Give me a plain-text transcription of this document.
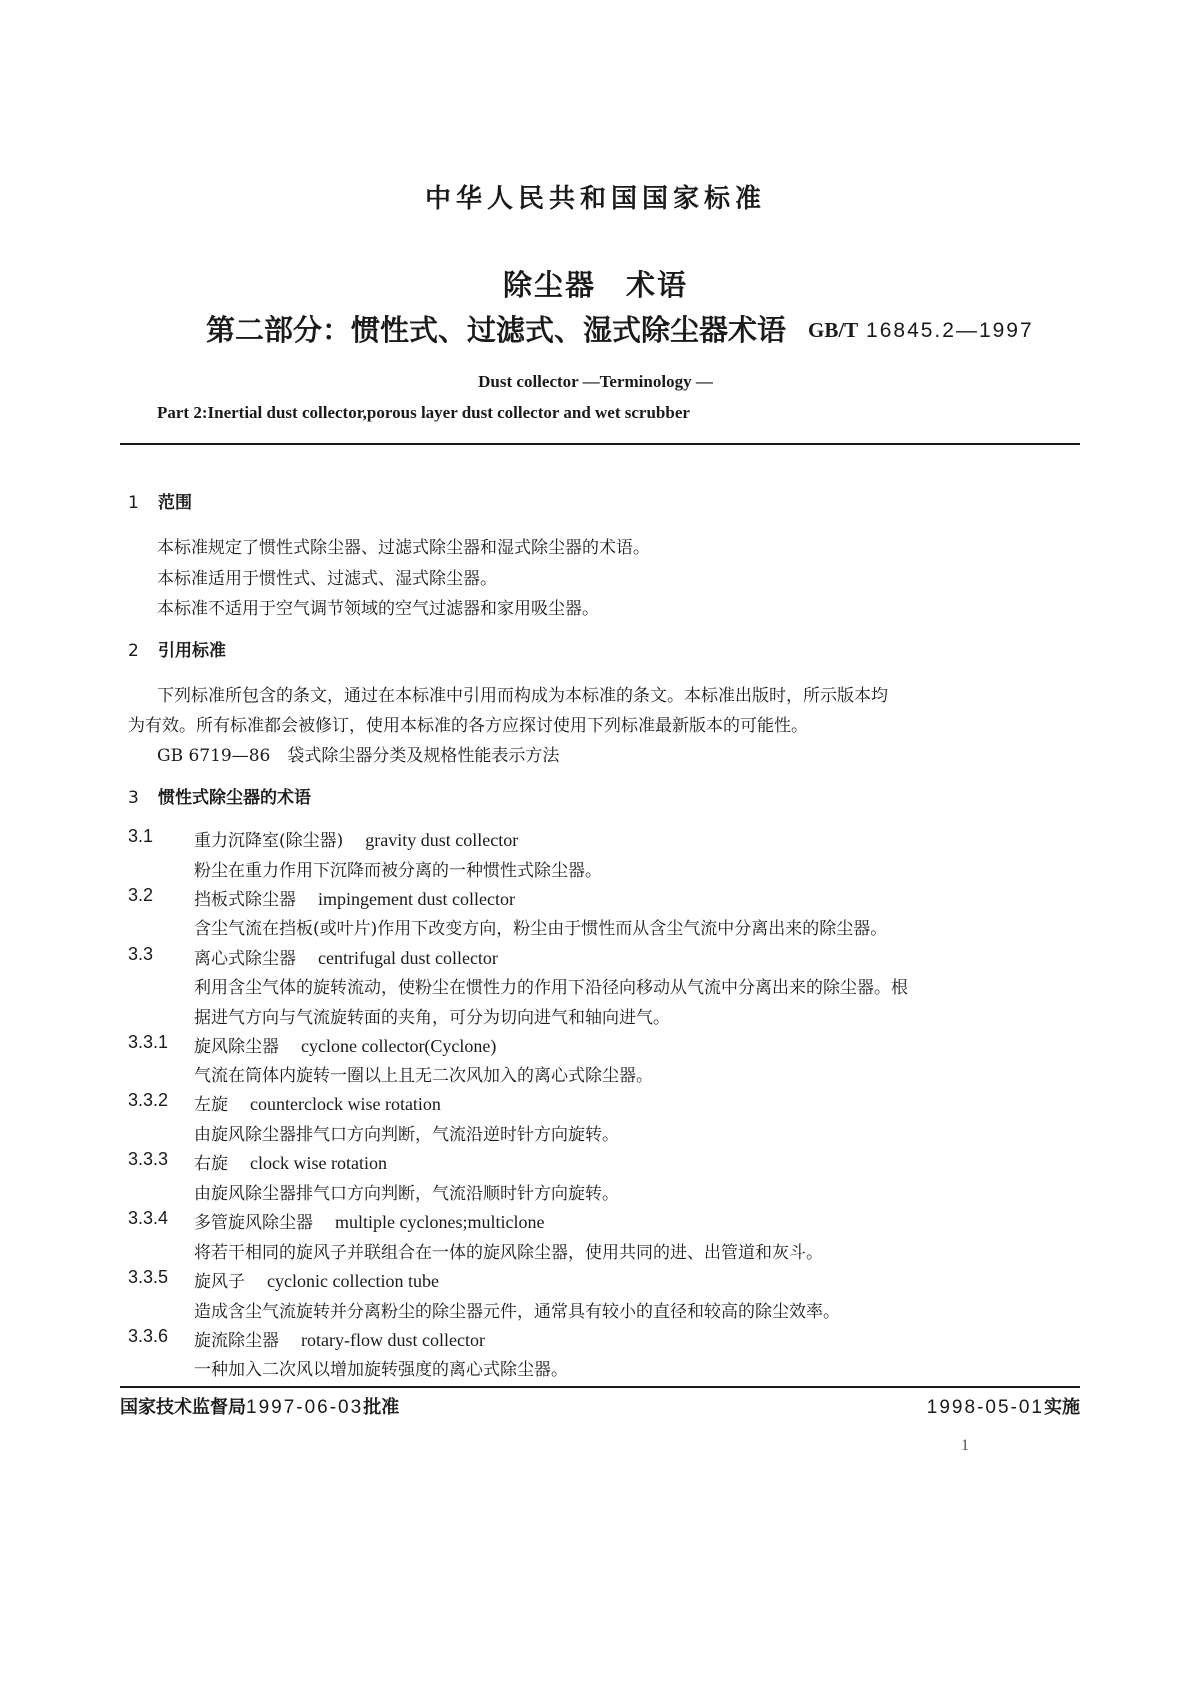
中华人民共和国国家标准
除尘器 术语
第二部分：惯性式、过滤式、湿式除尘器术语 GB/T 16845.2—1997
Dust collector —Terminology —
Part 2:Inertial dust collector,porous layer dust collector and wet scrubber
1 范围
本标准规定了惯性式除尘器、过滤式除尘器和湿式除尘器的术语。
本标准适用于惯性式、过滤式、湿式除尘器。
本标准不适用于空气调节领域的空气过滤器和家用吸尘器。
2 引用标准
下列标准所包含的条文，通过在本标准中引用而构成为本标准的条文。本标准出版时，所示版本均
为有效。所有标准都会被修订，使用本标准的各方应探讨使用下列标准最新版本的可能性。
GB 6719—86　袋式除尘器分类及规格性能表示方法
3 惯性式除尘器的术语
3.1 重力沉降室(除尘器) gravity dust collector
粉尘在重力作用下沉降而被分离的一种惯性式除尘器。
3.2 挡板式除尘器 impingement dust collector
含尘气流在挡板(或叶片)作用下改变方向，粉尘由于惯性而从含尘气流中分离出来的除尘器。
3.3 离心式除尘器 centrifugal dust collector
利用含尘气体的旋转流动，使粉尘在惯性力的作用下沿径向移动从气流中分离出来的除尘器。根
据进气方向与气流旋转面的夹角，可分为切向进气和轴向进气。
3.3.1 旋风除尘器 cyclone collector(Cyclone)
气流在筒体内旋转一圈以上且无二次风加入的离心式除尘器。
3.3.2 左旋 counterclock wise rotation
由旋风除尘器排气口方向判断，气流沿逆时针方向旋转。
3.3.3 右旋 clock wise rotation
由旋风除尘器排气口方向判断，气流沿顺时针方向旋转。
3.3.4 多管旋风除尘器 multiple cyclones;multiclone
将若干相同的旋风子并联组合在一体的旋风除尘器，使用共同的进、出管道和灰斗。
3.3.5 旋风子 cyclonic collection tube
造成含尘气流旋转并分离粉尘的除尘器元件，通常具有较小的直径和较高的除尘效率。
3.3.6 旋流除尘器 rotary-flow dust collector
一种加入二次风以增加旋转强度的离心式除尘器。
国家技术监督局1997-06-03批准	1998-05-01实施
1
